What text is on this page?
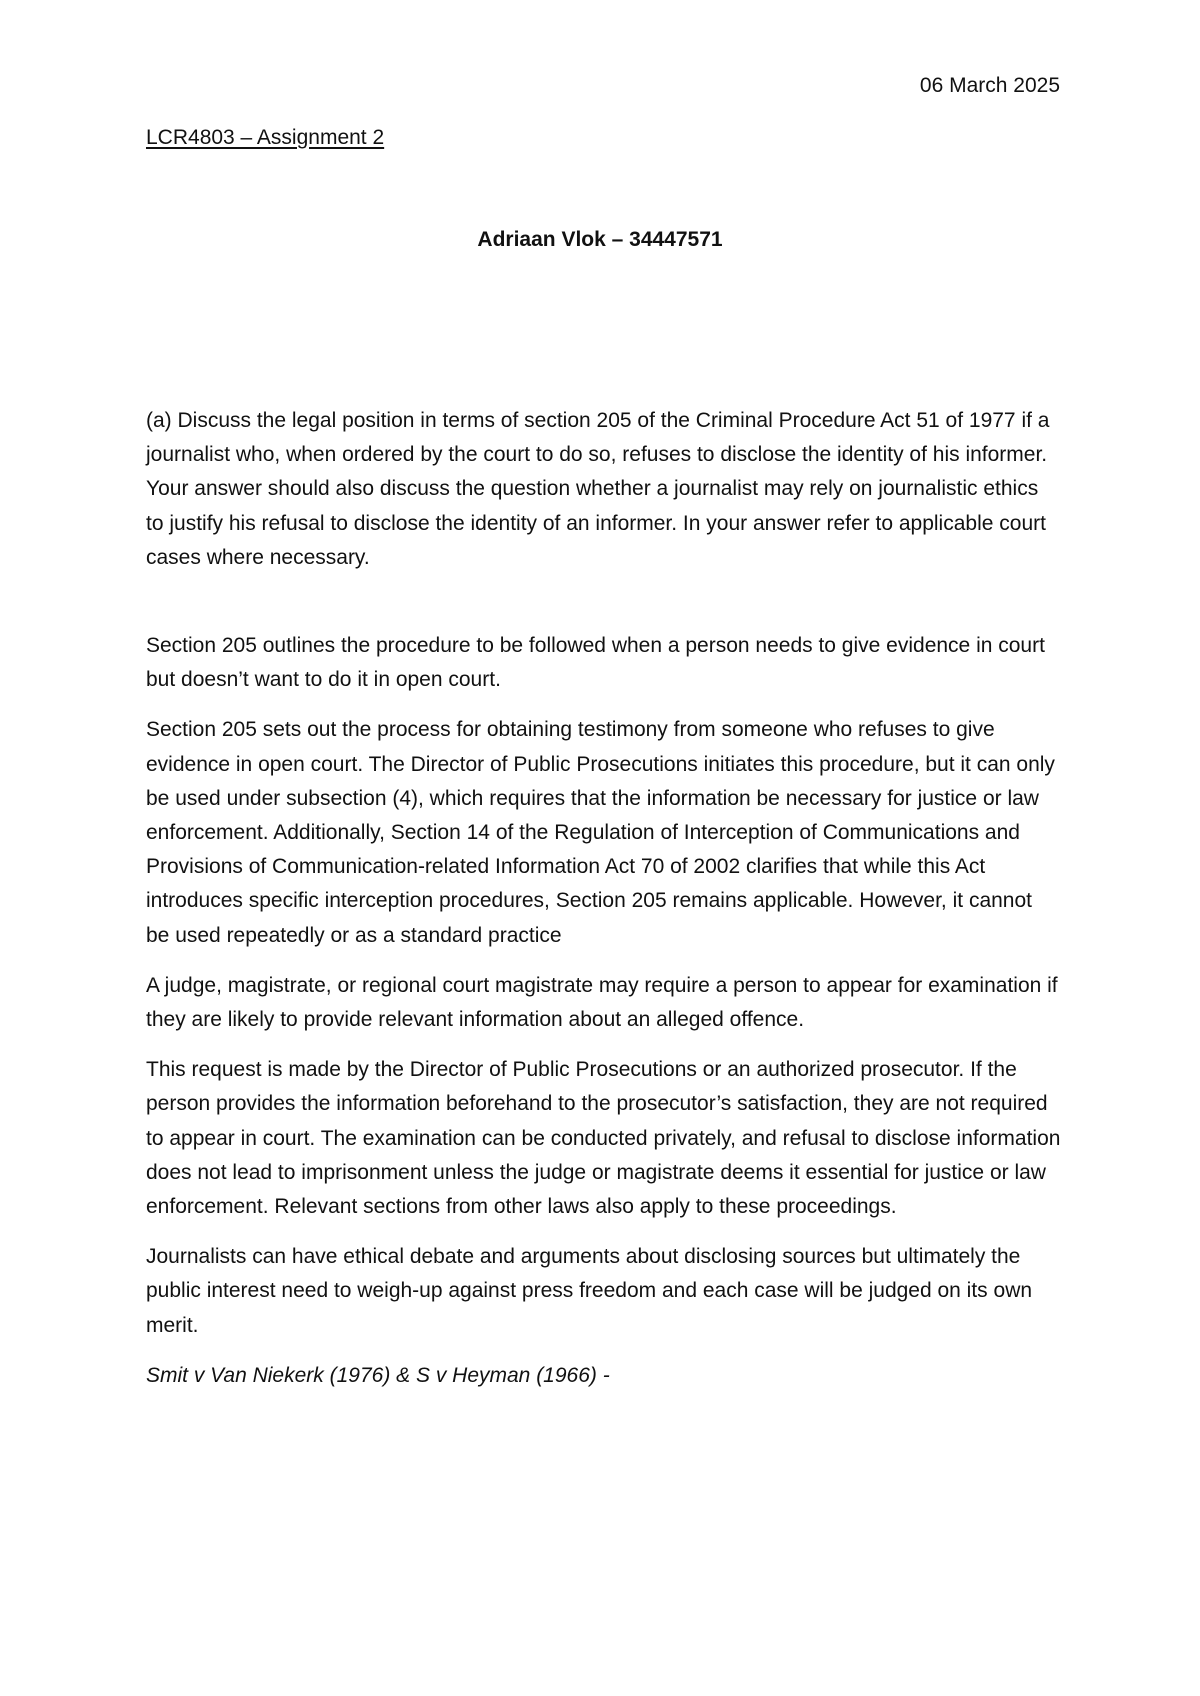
06 March 2025

LCR4803 – Assignment 2

Adriaan Vlok – 34447571

(a) Discuss the legal position in terms of section 205 of the Criminal Procedure Act 51 of 1977 if a journalist who, when ordered by the court to do so, refuses to disclose the identity of his informer. Your answer should also discuss the question whether a journalist may rely on journalistic ethics to justify his refusal to disclose the identity of an informer. In your answer refer to applicable court cases where necessary.

Section 205 outlines the procedure to be followed when a person needs to give evidence in court but doesn’t want to do it in open court.

Section 205 sets out the process for obtaining testimony from someone who refuses to give evidence in open court. The Director of Public Prosecutions initiates this procedure, but it can only be used under subsection (4), which requires that the information be necessary for justice or law enforcement. Additionally, Section 14 of the Regulation of Interception of Communications and Provisions of Communication-related Information Act 70 of 2002 clarifies that while this Act introduces specific interception procedures, Section 205 remains applicable. However, it cannot be used repeatedly or as a standard practice

A judge, magistrate, or regional court magistrate may require a person to appear for examination if they are likely to provide relevant information about an alleged offence.

This request is made by the Director of Public Prosecutions or an authorized prosecutor. If the person provides the information beforehand to the prosecutor’s satisfaction, they are not required to appear in court. The examination can be conducted privately, and refusal to disclose information does not lead to imprisonment unless the judge or magistrate deems it essential for justice or law enforcement. Relevant sections from other laws also apply to these proceedings.

Journalists can have ethical debate and arguments about disclosing sources but ultimately the public interest need to weigh-up against press freedom and each case will be judged on its own merit.

Smit v Van Niekerk (1976) & S v Heyman (1966) -
